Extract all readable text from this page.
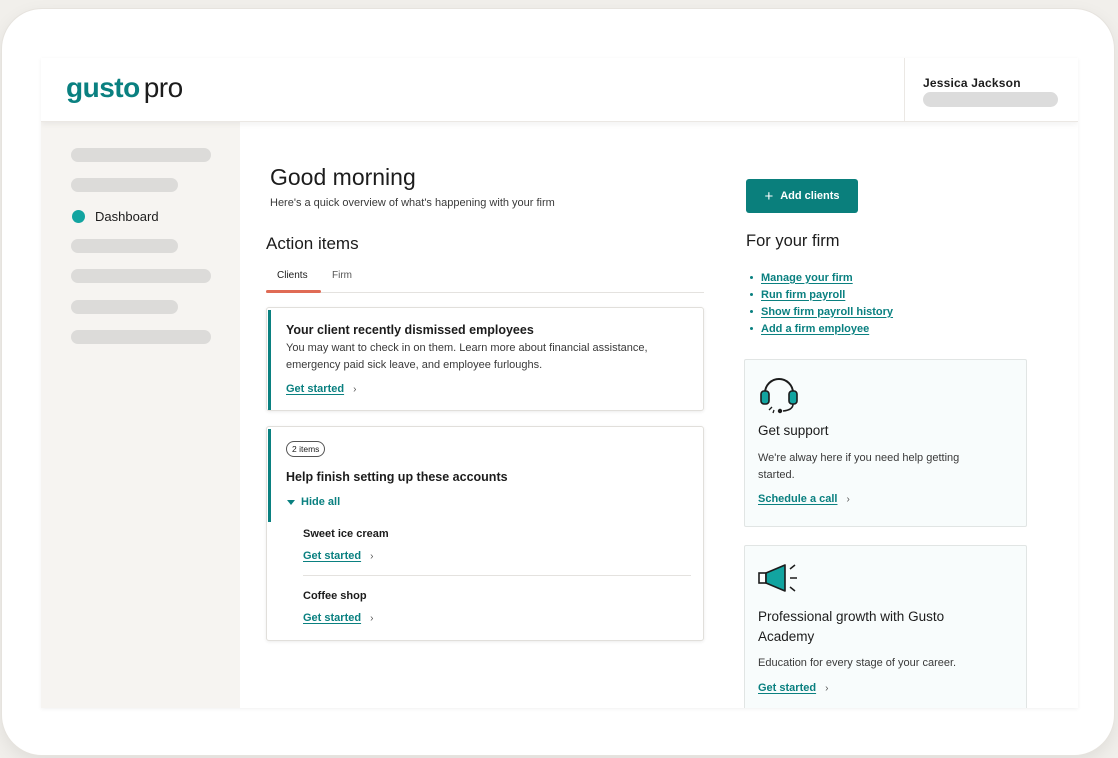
gusto pro	Jessica Jackson
Dashboard
Good morning
Here's a quick overview of what's happening with your firm
Action items
Clients Firm
Your client recently dismissed employees
You may want to check in on them. Learn more about financial assistance,
emergency paid sick leave, and employee furloughs.
Get started ›
2 items
Help finish setting up these accounts
Hide all
Sweet ice cream
Get started ›
Coffee shop
Get started ›
+ Add clients
For your firm
Manage your firm
Run firm payroll
Show firm payroll history
Add a firm employee
Get support
We're alway here if you need help getting
started.
Schedule a call ›
Professional growth with Gusto
Academy
Education for every stage of your career.
Get started ›
